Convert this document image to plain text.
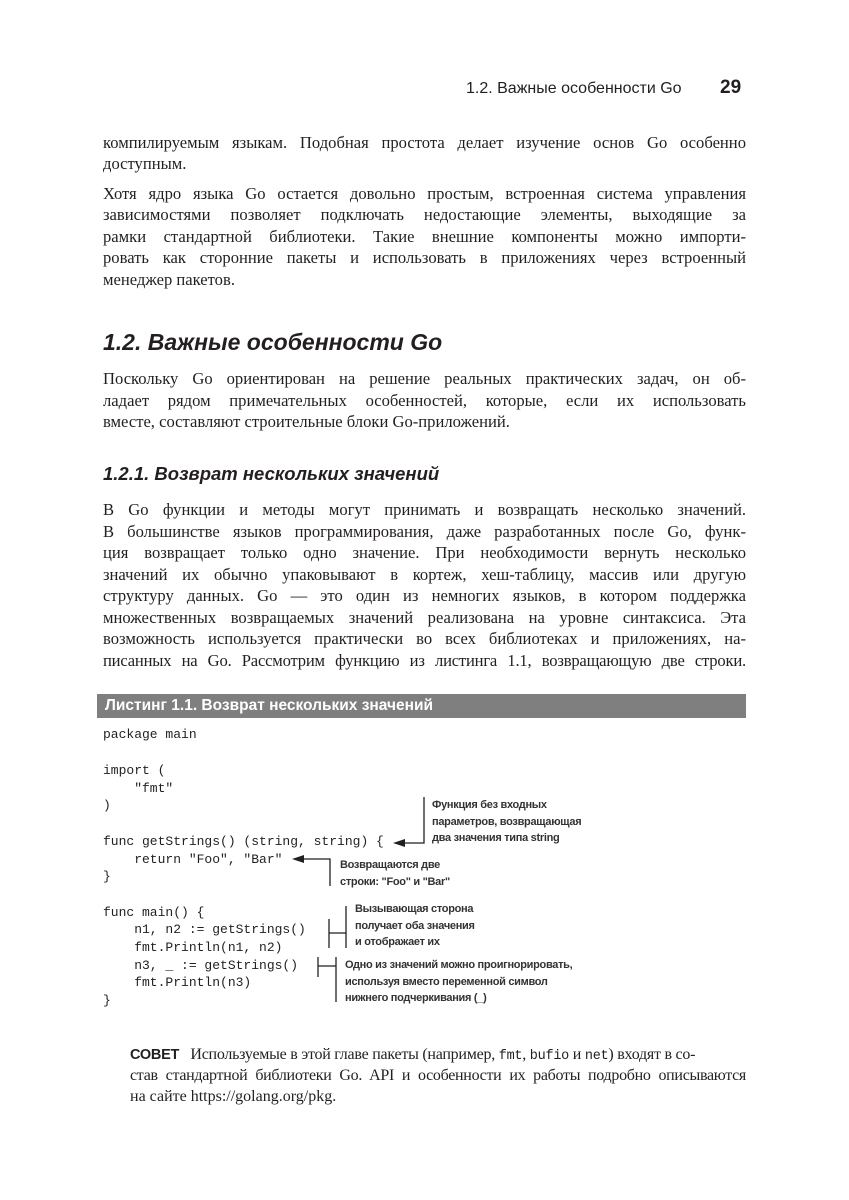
1.2. Важные особенности Go 29
компилируемым языкам. Подобная простота делает изучение основ Go особенно
доступным.
Хотя ядро языка Go остается довольно простым, встроенная система управления
зависимостями позволяет подключать недостающие элементы, выходящие за
рамки стандартной библиотеки. Такие внешние компоненты можно импорти-
ровать как сторонние пакеты и использовать в приложениях через встроенный
менеджер пакетов.
1.2. Важные особенности Go
Поскольку Go ориентирован на решение реальных практических задач, он об-
ладает рядом примечательных особенностей, которые, если их использовать
вместе, составляют строительные блоки Go-приложений.
1.2.1. Возврат нескольких значений
В Go функции и методы могут принимать и возвращать несколько значений.
В большинстве языков программирования, даже разработанных после Go, функ-
ция возвращает только одно значение. При необходимости вернуть несколько
значений их обычно упаковывают в кортеж, хеш-таблицу, массив или другую
структуру данных. Go — это один из немногих языков, в котором поддержка
множественных возвращаемых значений реализована на уровне синтаксиса. Эта
возможность используется практически во всех библиотеках и приложениях, на-
писанных на Go. Рассмотрим функцию из листинга 1.1, возвращающую две строки.
Листинг 1.1. Возврат нескольких значений
package main
import (
"fmt"
)
func getStrings() (string, string) {
return "Foo", "Bar"
}
func main() {
n1, n2 := getStrings()
fmt.Println(n1, n2)
n3, _ := getStrings()
fmt.Println(n3)
}
Функция без входных
параметров, возвращающая
два значения типа string
Возвращаются две
строки: "Foo" и "Bar"
Вызывающая сторона
получает оба значения
и отображает их
Одно из значений можно проигнорировать,
используя вместо переменной символ
нижнего подчеркивания (_)
СОВЕТ Используемые в этой главе пакеты (например, fmt, bufio и net) входят в со-
став стандартной библиотеки Go. API и особенности их работы подробно описываются
на сайте https://golang.org/pkg.
